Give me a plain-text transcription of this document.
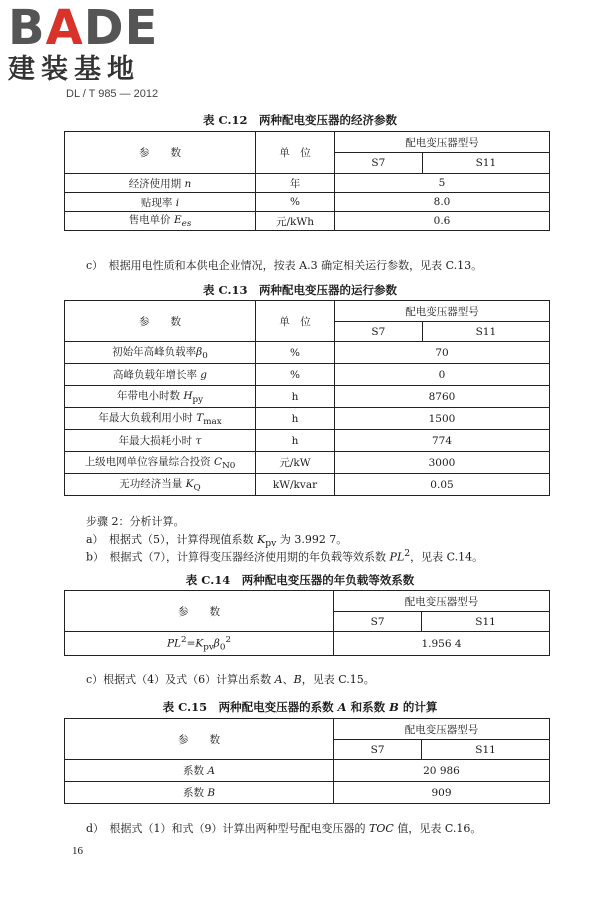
BADE
建装基地
DL / T 985 — 2012
表 C.12　两种配电变压器的经济参数
参　　数	单　位	配电变压器型号	
		S7	S11
经济使用期 n	年	5	
贴现率 i	%	8.0	
售电单价 $E_{es}$	元/kWh	0.6	
c）　根据用电性质和本供电企业情况，按表 A.3 确定相关运行参数，见表 C.13。
表 C.13　两种配电变压器的运行参数
参　　数	单　位	配电变压器型号	
		S7	S11
初始年高峰负载率$\beta_0$	%	70	
高峰负载年增长率 g	%	0	
年带电小时数 $H_{py}$	h	8760	
年最大负载利用小时 $T_{max}$	h	1500	
年最大损耗小时 τ	h	774	
上级电网单位容量综合投资 $C_{N0}$	元/kW	3000	
无功经济当量 $K_Q$	kW/kvar	0.05	
步骤 2：分析计算。
a）　根据式（5），计算得现值系数 $K_{pv}$ 为 3.992 7。
b）　根据式（7），计算得变压器经济使用期的年负载等效系数 $PL^2$，见表 C.14。
表 C.14　两种配电变压器的年负载等效系数
参　　数	配电变压器型号	
	S7	S11
$PL^2=K_{pv}\beta_0^2$	1.956 4	
c）根据式（4）及式（6）计算出系数 A、B，见表 C.15。
表 C.15　两种配电变压器的系数 A 和系数 B 的计算
参　　数	配电变压器型号	
	S7	S11
系数 A	20 986	
系数 B	909	
d）　根据式（1）和式（9）计算出两种型号配电变压器的 TOC 值，见表 C.16。
16
